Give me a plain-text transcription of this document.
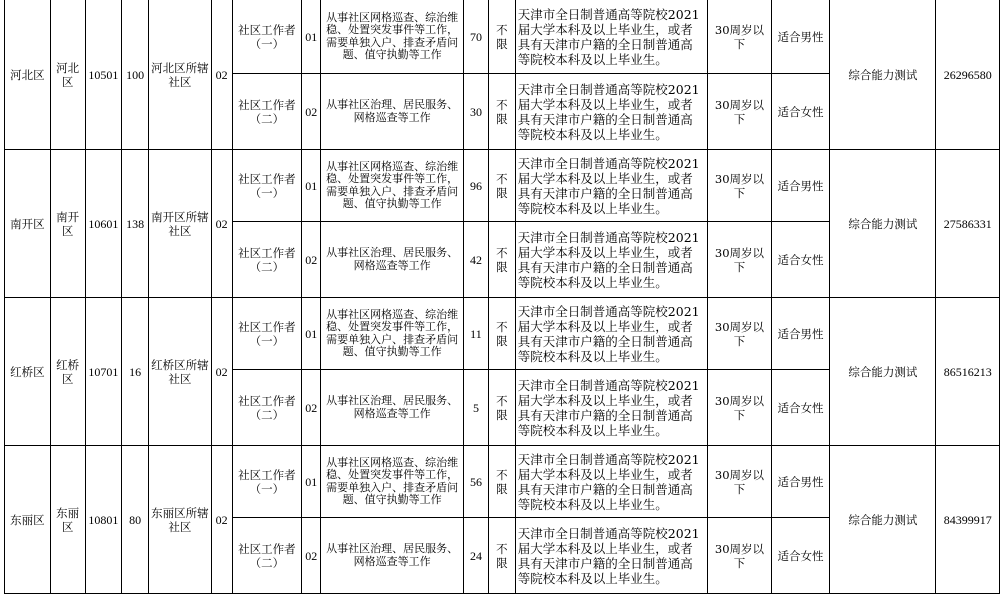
河北区	河北区	10501	100	河北区所辖社区	02	社区工作者（一）	01	从事社区网格巡查、综治维稳、处置突发事件等工作，需要单独入户、排查矛盾问题、值守执勤等工作	70	不限	天津市全日制普通高等院校2021届大学本科及以上毕业生，或者具有天津市户籍的全日制普通高等院校本科及以上毕业生。	30周岁以下	适合男性	综合能力测试	26296580
						社区工作者（二）	02	从事社区治理、居民服务、网格巡查等工作	30	不限	天津市全日制普通高等院校2021届大学本科及以上毕业生，或者具有天津市户籍的全日制普通高等院校本科及以上毕业生。	30周岁以下	适合女性		
南开区	南开区	10601	138	南开区所辖社区	02	社区工作者（一）	01	从事社区网格巡查、综治维稳、处置突发事件等工作，需要单独入户、排查矛盾问题、值守执勤等工作	96	不限	天津市全日制普通高等院校2021届大学本科及以上毕业生，或者具有天津市户籍的全日制普通高等院校本科及以上毕业生。	30周岁以下	适合男性	综合能力测试	27586331
						社区工作者（二）	02	从事社区治理、居民服务、网格巡查等工作	42	不限	天津市全日制普通高等院校2021届大学本科及以上毕业生，或者具有天津市户籍的全日制普通高等院校本科及以上毕业生。	30周岁以下	适合女性		
红桥区	红桥区	10701	16	红桥区所辖社区	02	社区工作者（一）	01	从事社区网格巡查、综治维稳、处置突发事件等工作，需要单独入户、排查矛盾问题、值守执勤等工作	11	不限	天津市全日制普通高等院校2021届大学本科及以上毕业生，或者具有天津市户籍的全日制普通高等院校本科及以上毕业生。	30周岁以下	适合男性	综合能力测试	86516213
						社区工作者（二）	02	从事社区治理、居民服务、网格巡查等工作	5	不限	天津市全日制普通高等院校2021届大学本科及以上毕业生，或者具有天津市户籍的全日制普通高等院校本科及以上毕业生。	30周岁以下	适合女性		
东丽区	东丽区	10801	80	东丽区所辖社区	02	社区工作者（一）	01	从事社区网格巡查、综治维稳、处置突发事件等工作，需要单独入户、排查矛盾问题、值守执勤等工作	56	不限	天津市全日制普通高等院校2021届大学本科及以上毕业生，或者具有天津市户籍的全日制普通高等院校本科及以上毕业生。	30周岁以下	适合男性	综合能力测试	84399917
						社区工作者（二）	02	从事社区治理、居民服务、网格巡查等工作	24	不限	天津市全日制普通高等院校2021届大学本科及以上毕业生，或者具有天津市户籍的全日制普通高等院校本科及以上毕业生。	30周岁以下	适合女性		
